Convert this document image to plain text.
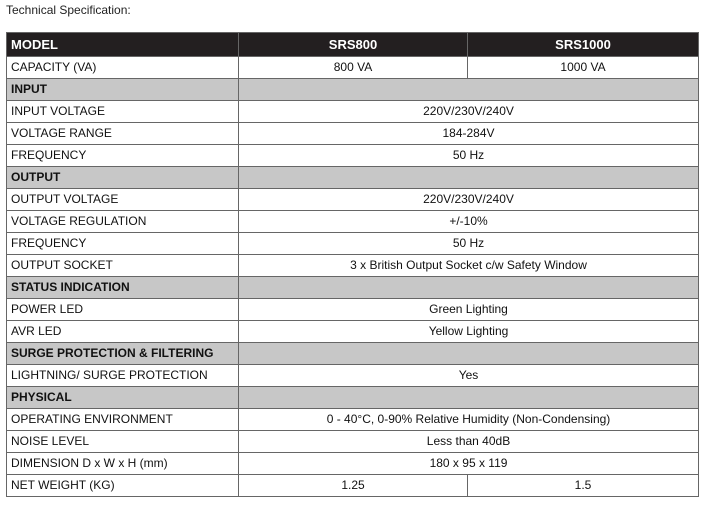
Technical Specification:
MODEL	SRS800	SRS1000
CAPACITY (VA)	800 VA	1000 VA
INPUT		
INPUT VOLTAGE	220V/230V/240V	
VOLTAGE RANGE	184-284V	
FREQUENCY	50 Hz	
OUTPUT		
OUTPUT VOLTAGE	220V/230V/240V	
VOLTAGE REGULATION	+/-10%	
FREQUENCY	50 Hz	
OUTPUT SOCKET	3 x British Output Socket c/w Safety Window	
STATUS INDICATION		
POWER LED	Green Lighting	
AVR LED	Yellow Lighting	
SURGE PROTECTION & FILTERING		
LIGHTNING/ SURGE PROTECTION	Yes	
PHYSICAL		
OPERATING ENVIRONMENT	0 - 40°C, 0-90% Relative Humidity (Non-Condensing)	
NOISE LEVEL	Less than 40dB	
DIMENSION D x W x H (mm)	180 x 95 x 119	
NET WEIGHT (KG)	1.25	1.5
